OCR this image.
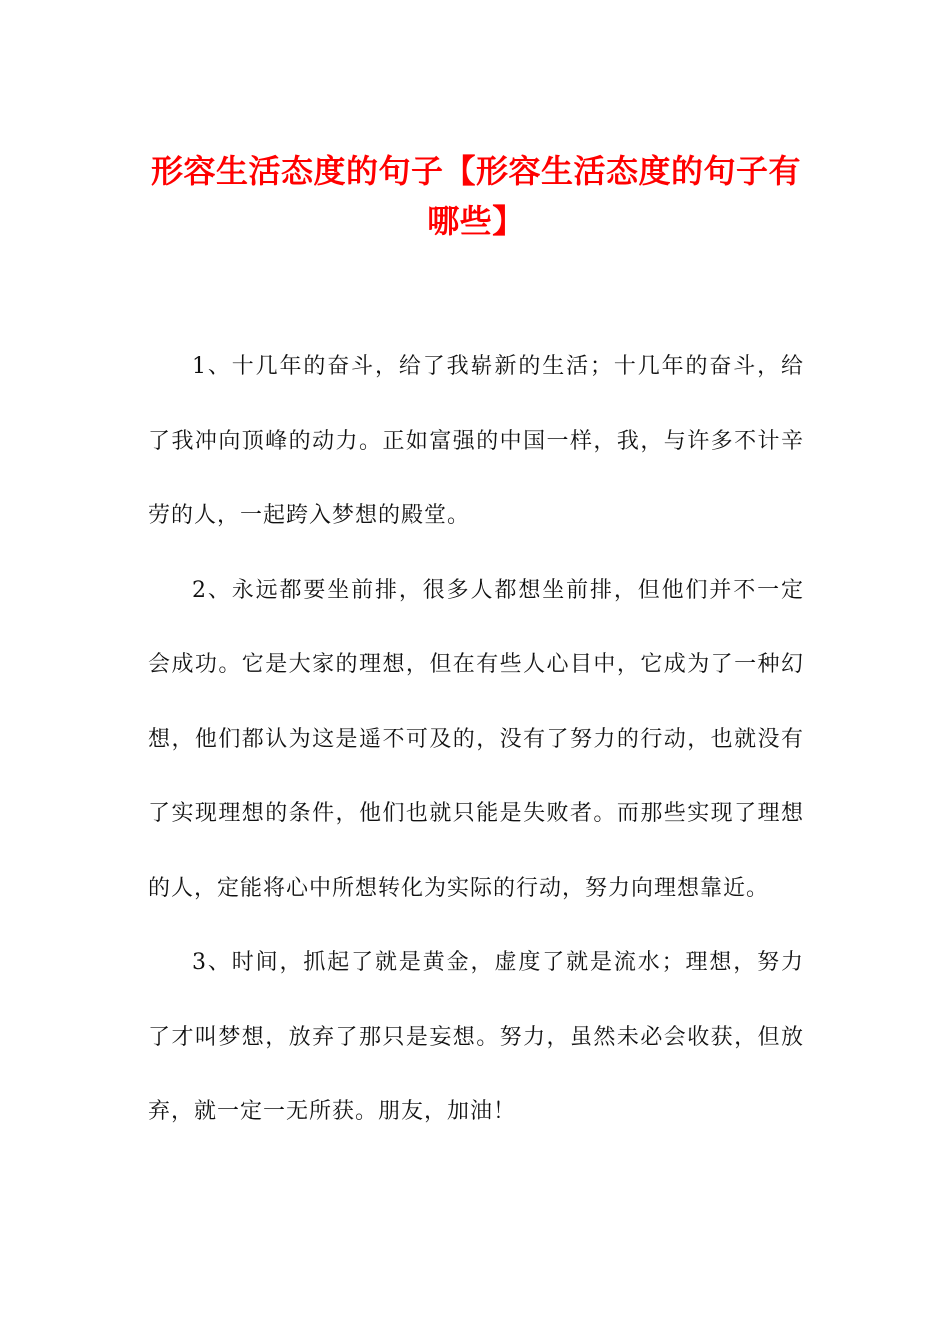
形容生活态度的句子【形容生活态度的句子有哪些】

1、十几年的奋斗，给了我崭新的生活；十几年的奋斗，给了我冲向顶峰的动力。正如富强的中国一样，我，与许多不计辛劳的人，一起跨入梦想的殿堂。

2、永远都要坐前排，很多人都想坐前排，但他们并不一定会成功。它是大家的理想，但在有些人心目中，它成为了一种幻想，他们都认为这是遥不可及的，没有了努力的行动，也就没有了实现理想的条件，他们也就只能是失败者。而那些实现了理想的人，定能将心中所想转化为实际的行动，努力向理想靠近。

3、时间，抓起了就是黄金，虚度了就是流水；理想，努力了才叫梦想，放弃了那只是妄想。努力，虽然未必会收获，但放弃，就一定一无所获。朋友，加油！
